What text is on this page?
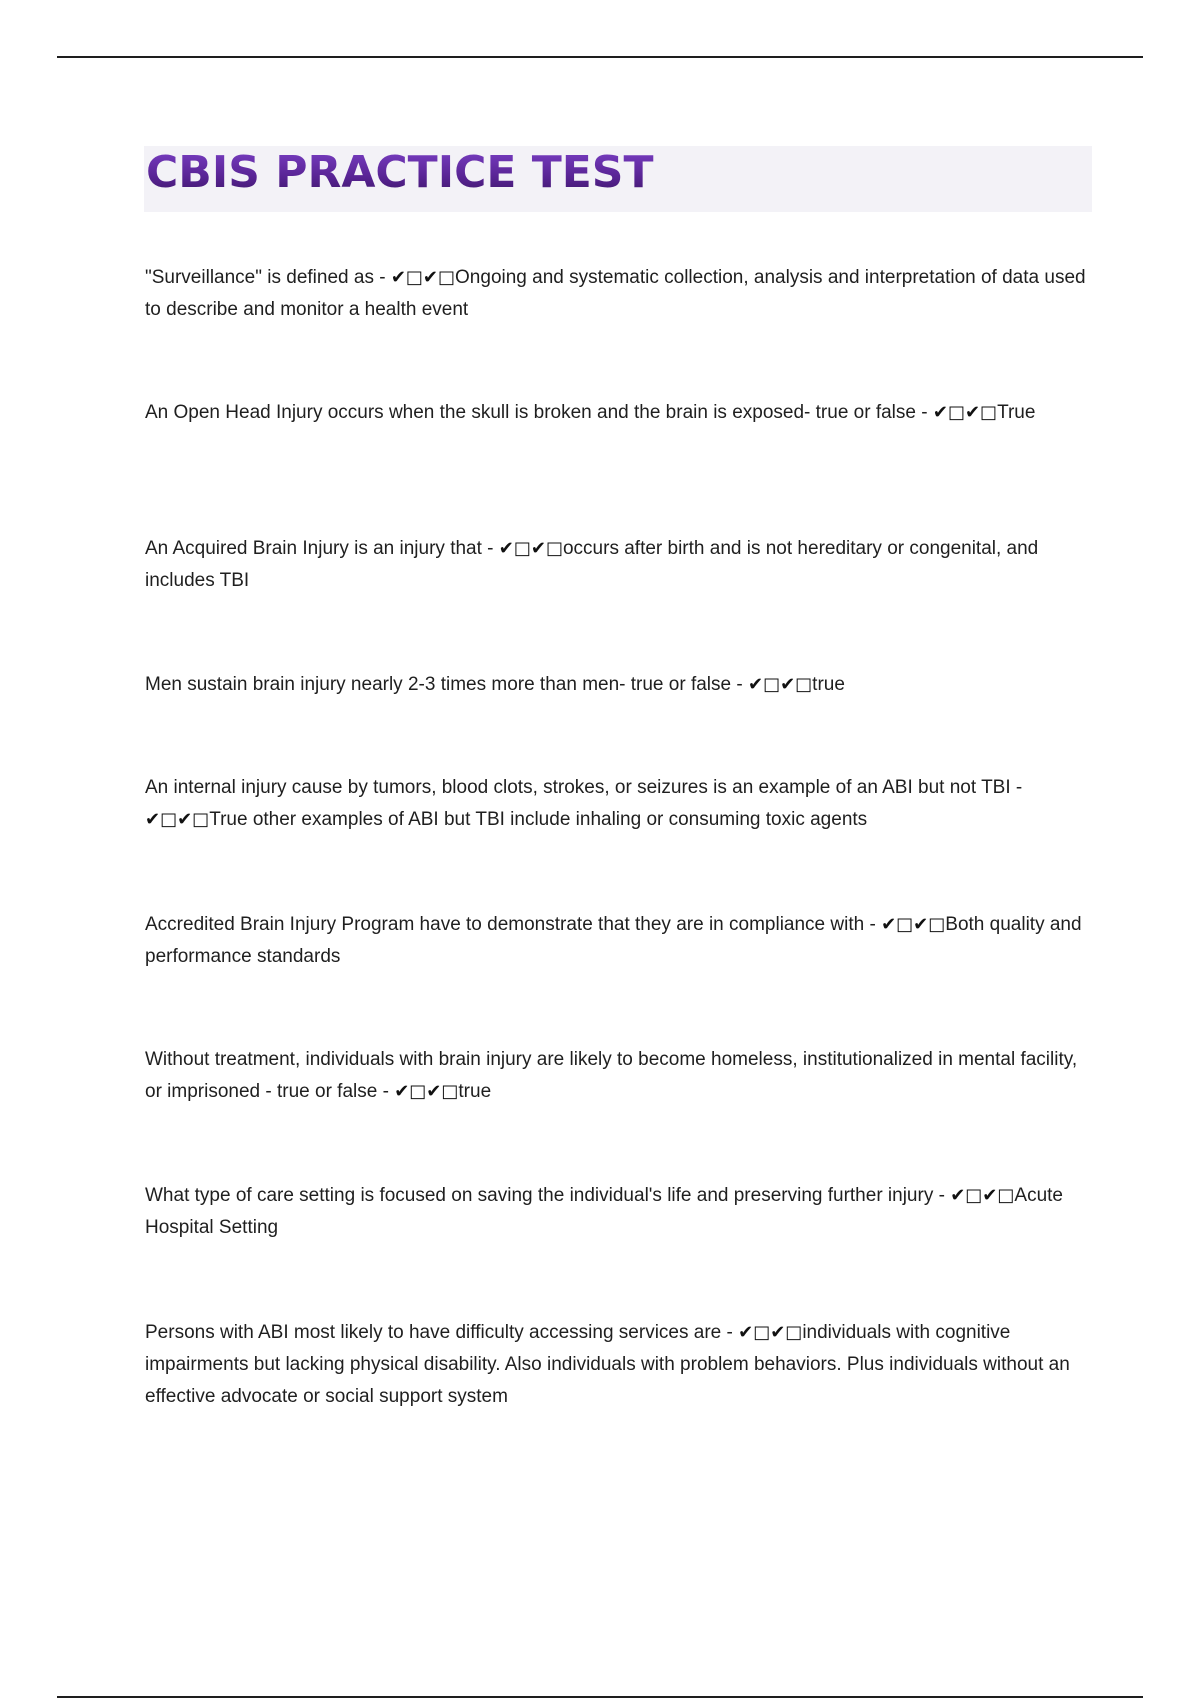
CBIS PRACTICE TEST

"Surveillance" is defined as - ✔□✔□Ongoing and systematic collection, analysis and interpretation of data used to describe and monitor a health event

An Open Head Injury occurs when the skull is broken and the brain is exposed- true or false - ✔□✔□True

An Acquired Brain Injury is an injury that - ✔□✔□occurs after birth and is not hereditary or congenital, and includes TBI

Men sustain brain injury nearly 2-3 times more than men- true or false - ✔□✔□true

An internal injury cause by tumors, blood clots, strokes, or seizures is an example of an ABI but not TBI - ✔□✔□True other examples of ABI but TBI include inhaling or consuming toxic agents

Accredited Brain Injury Program have to demonstrate that they are in compliance with - ✔□✔□Both quality and performance standards

Without treatment, individuals with brain injury are likely to become homeless, institutionalized in mental facility, or imprisoned - true or false - ✔□✔□true

What type of care setting is focused on saving the individual's life and preserving further injury - ✔□✔□Acute Hospital Setting

Persons with ABI most likely to have difficulty accessing services are - ✔□✔□individuals with cognitive impairments but lacking physical disability. Also individuals with problem behaviors. Plus individuals without an effective advocate or social support system
